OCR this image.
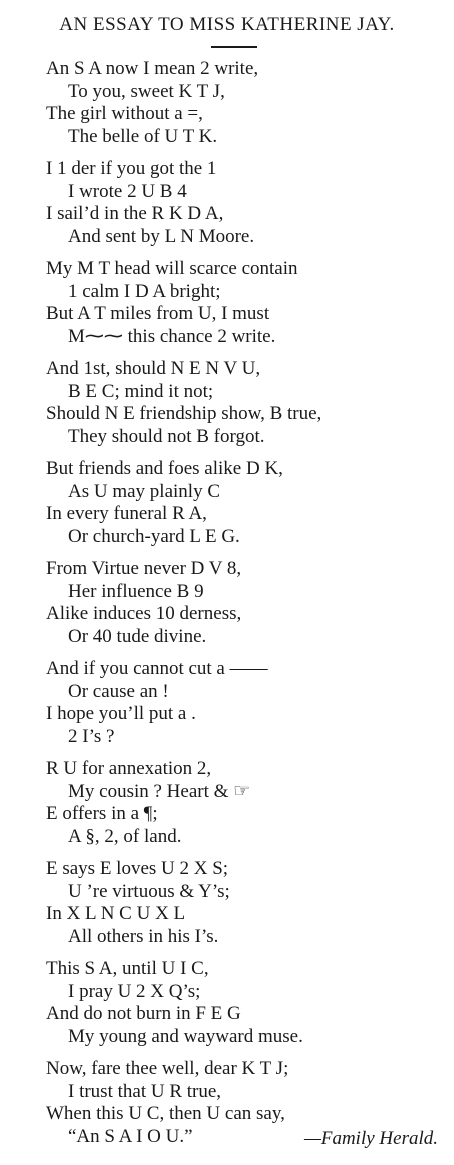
AN ESSAY TO MISS KATHERINE JAY.
An S A now I mean 2 write,
To you, sweet K T J,
The girl without a =,
The belle of U T K.
I 1 der if you got the 1
I wrote 2 U B 4
I sail’d in the R K D A,
And sent by L N Moore.
My M T head will scarce contain
1 calm I D A bright;
But A T miles from U, I must
M⁓⁓ this chance 2 write.
And 1st, should N E N V U,
B E C; mind it not;
Should N E friendship show, B true,
They should not B forgot.
But friends and foes alike D K,
As U may plainly C
In every funeral R A,
Or church-yard L E G.
From Virtue never D V 8,
Her influence B 9
Alike induces 10 derness,
Or 40 tude divine.
And if you cannot cut a ——
Or cause an !
I hope you’ll put a .
2 I’s ?
R U for annexation 2,
My cousin ? Heart & ☞
E offers in a ¶;
A §, 2, of land.
E says E loves U 2 X S;
U ’re virtuous & Y’s;
In X L N C U X L
All others in his I’s.
This S A, until U I C,
I pray U 2 X Q’s;
And do not burn in F E G
My young and wayward muse.
Now, fare thee well, dear K T J;
I trust that U R true,
When this U C, then U can say,
“An S A I O U.”	—Family Herald.
